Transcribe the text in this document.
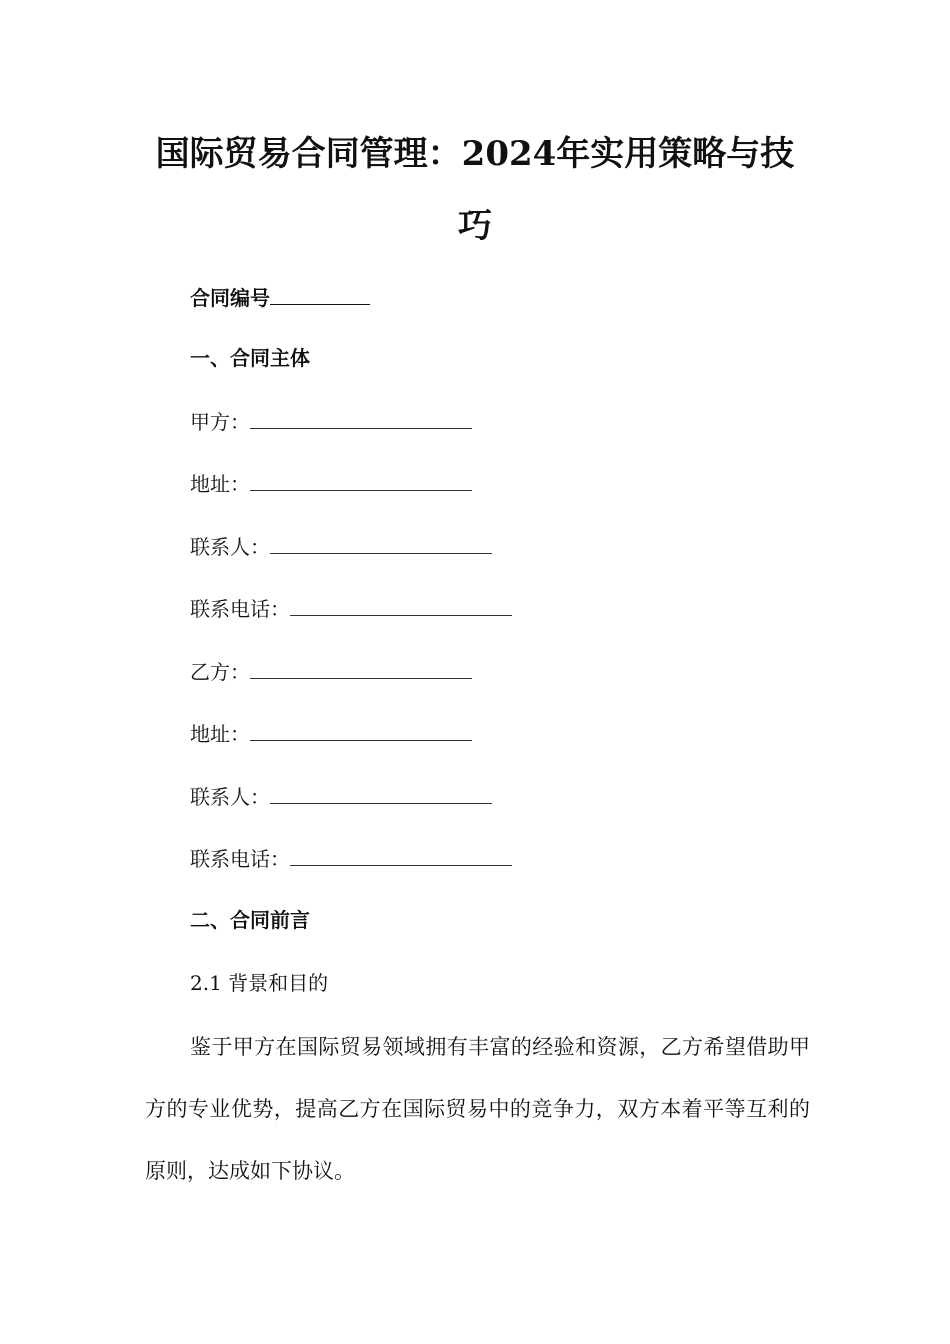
国际贸易合同管理：2024年实用策略与技巧
合同编号
一、合同主体
甲方：
地址：
联系人：
联系电话：
乙方：
地址：
联系人：
联系电话：
二、合同前言
2.1 背景和目的
鉴于甲方在国际贸易领域拥有丰富的经验和资源，乙方希望借助甲方的专业优势，提高乙方在国际贸易中的竞争力，双方本着平等互利的原则，达成如下协议。
